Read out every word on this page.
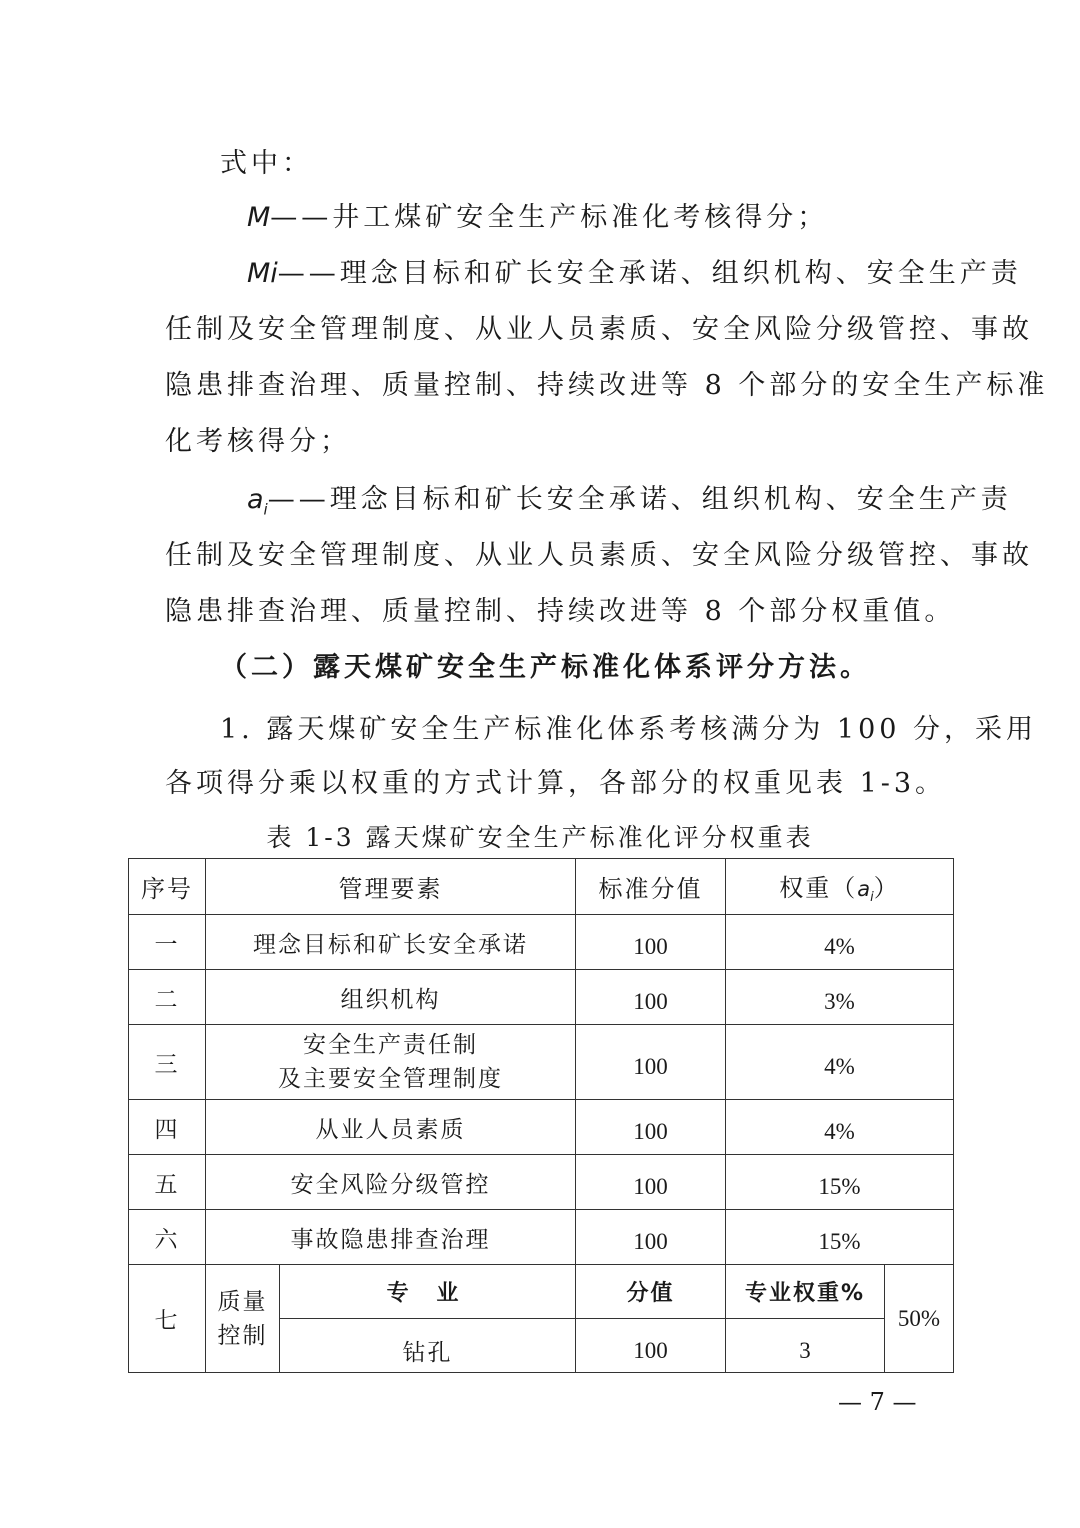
式中：
M——井工煤矿安全生产标准化考核得分；
Mi——理念目标和矿长安全承诺、组织机构、安全生产责
任制及安全管理制度、从业人员素质、安全风险分级管控、事故
隐患排查治理、质量控制、持续改进等 8 个部分的安全生产标准
化考核得分；
$a_i——$理念目标和矿长安全承诺、组织机构、安全生产责
任制及安全管理制度、从业人员素质、安全风险分级管控、事故
隐患排查治理、质量控制、持续改进等 8 个部分权重值。
（二）露天煤矿安全生产标准化体系评分方法。
1. 露天煤矿安全生产标准化体系考核满分为 100 分，采用
各项得分乘以权重的方式计算，各部分的权重见表 1-3。
表 1-3 露天煤矿安全生产标准化评分权重表
序号	管理要素		标准分值	权重$(a_i)$	
一	理念目标和矿长安全承诺		100	4%	
二	组织机构		100	3%	
三	安全生产责任制
及主要安全管理制度		100	4%	
四	从业人员素质		100	4%	
五	安全风险分级管控		100	15%	
六	事故隐患排查治理		100	15%	
七	质量
控制	专 业	分值	专业权重%	50%
		钻孔	100	3	
— 7 —
